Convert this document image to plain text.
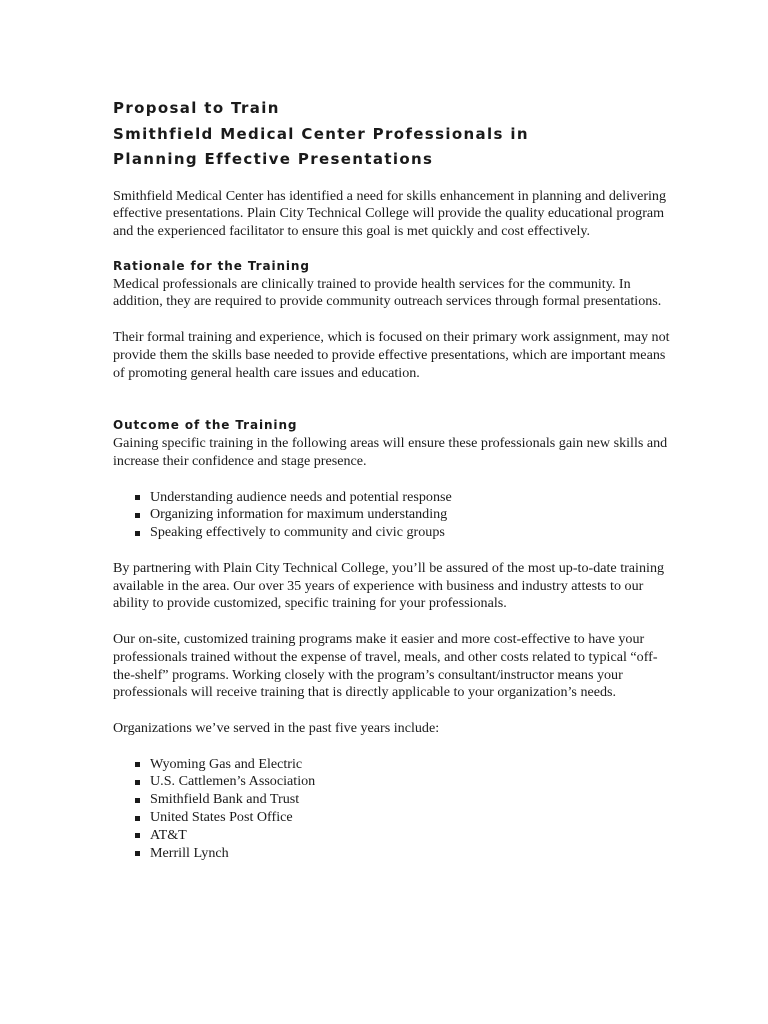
Proposal to Train
Smithfield Medical Center Professionals in
Planning Effective Presentations

Smithfield Medical Center has identified a need for skills enhancement in planning and delivering effective presentations. Plain City Technical College will provide the quality educational program and the experienced facilitator to ensure this goal is met quickly and cost effectively.

Rationale for the Training

Medical professionals are clinically trained to provide health services for the community. In addition, they are required to provide community outreach services through formal presentations.

Their formal training and experience, which is focused on their primary work assignment, may not provide them the skills base needed to provide effective presentations, which are important means of promoting general health care issues and education.

Outcome of the Training

Gaining specific training in the following areas will ensure these professionals gain new skills and increase their confidence and stage presence.

Understanding audience needs and potential response
Organizing information for maximum understanding
Speaking effectively to community and civic groups

By partnering with Plain City Technical College, you’ll be assured of the most up-to-date training available in the area. Our over 35 years of experience with business and industry attests to our ability to provide customized, specific training for your professionals.

Our on-site, customized training programs make it easier and more cost-effective to have your professionals trained without the expense of travel, meals, and other costs related to typical “off-the-shelf” programs. Working closely with the program’s consultant/instructor means your professionals will receive training that is directly applicable to your organization’s needs.

Organizations we’ve served in the past five years include:

Wyoming Gas and Electric
U.S. Cattlemen’s Association
Smithfield Bank and Trust
United States Post Office
AT&T
Merrill Lynch
